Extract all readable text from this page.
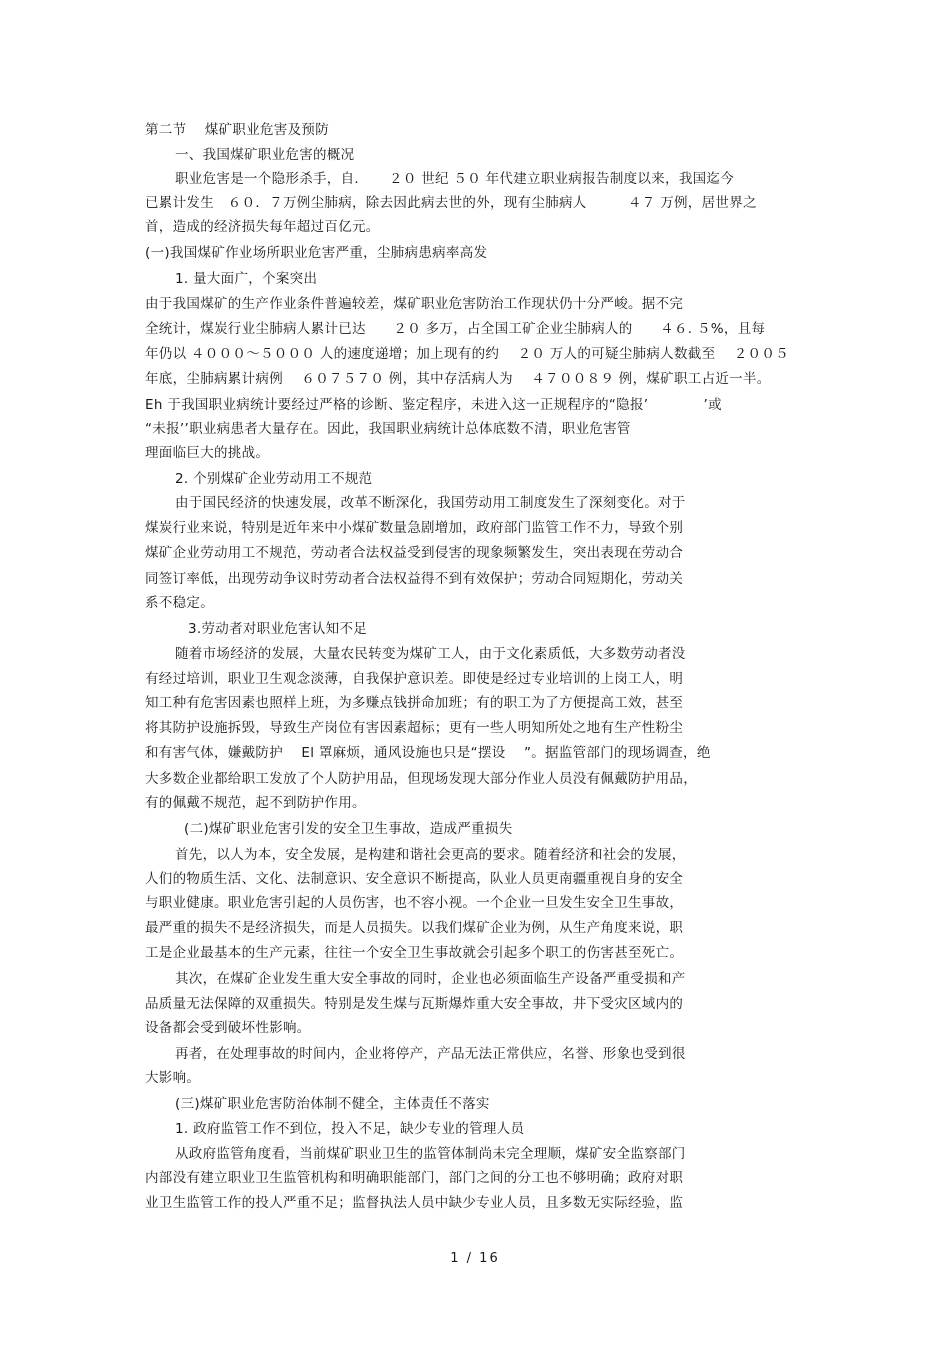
第二节　 煤矿职业危害及预防
一、我国煤矿职业危害的概况
职业危害是一个隐形杀手，自．　　２０ 世纪 ５０ 年代建立职业病报告制度以来，我国迄今
已累计发生　６０．７万例尘肺病，除去因此病去世的外，现有尘肺病人　　　４７ 万例，居世界之
首，造成的经济损失每年超过百亿元。
(一)我国煤矿作业场所职业危害严重，尘肺病患病率高发
1. 量大面广，个案突出
由于我国煤矿的生产作业条件普遍较差，煤矿职业危害防治工作现状仍十分严峻。据不完
全统计，煤炭行业尘肺病人累计已达　　２０ 多万，占全国工矿企业尘肺病人的　　４６. ５%，且每
年仍以 ４０００～５０００ 人的速度递增；加上现有的约　 ２０ 万人的可疑尘肺病人数截至　 ２００５
年底，尘肺病累计病例　 ６０７５７０ 例，其中存活病人为　 ４７００８９ 例，煤矿职工占近一半。
Eh 于我国职业病统计要经过严格的诊断、鉴定程序，未进入这一正规程序的“隐报’　　　　’或
“未报’’职业病患者大量存在。因此，我国职业病统计总体底数不清，职业危害管
理面临巨大的挑战。
2. 个别煤矿企业劳动用工不规范
由于国民经济的快速发展，改革不断深化，我国劳动用工制度发生了深刻变化。对于
煤炭行业来说，特别是近年来中小煤矿数量急剧增加，政府部门监管工作不力，导致个别
煤矿企业劳动用工不规范，劳动者合法权益受到侵害的现象频繁发生，突出表现在劳动合
同签订率低，出现劳动争议时劳动者合法权益得不到有效保护；劳动合同短期化，劳动关
系不稳定。
3.劳动者对职业危害认知不足
随着市场经济的发展，大量农民转变为煤矿工人，由于文化素质低，大多数劳动者没
有经过培训，职业卫生观念淡薄，自我保护意识差。即使是经过专业培训的上岗工人，明
知工种有危害因素也照样上班，为多赚点钱拼命加班；有的职工为了方便提高工效，甚至
将其防护设施拆毁，导致生产岗位有害因素超标；更有一些人明知所处之地有生产性粉尘
和有害气体，嫌戴防护　 El 罩麻烦，通风设施也只是“摆设　 ”。据监管部门的现场调查，绝
大多数企业都给职工发放了个人防护用品，但现场发现大部分作业人员没有佩戴防护用品，
有的佩戴不规范，起不到防护作用。
(二)煤矿职业危害引发的安全卫生事故，造成严重损失
首先，以人为本，安全发展，是构建和谐社会更高的要求。随着经济和社会的发展，
人们的物质生活、文化、法制意识、安全意识不断提高，队业人员更南疆重视自身的安全
与职业健康。职业危害引起的人员伤害，也不容小视。一个企业一旦发生安全卫生事故，
最严重的损失不是经济损失，而是人员损失。以我们煤矿企业为例，从生产角度来说，职
工是企业最基本的生产元素，往往一个安全卫生事故就会引起多个职工的伤害甚至死亡。
其次，在煤矿企业发生重大安全事故的同时，企业也必须面临生产设备严重受损和产
品质量无法保障的双重损失。特别是发生煤与瓦斯爆炸重大安全事故，井下受灾区域内的
设备都会受到破坏性影响。
再者，在处理事故的时间内，企业将停产，产品无法正常供应，名誉、形象也受到很
大影响。
(三)煤矿职业危害防治体制不健全，主体责任不落实
1. 政府监管工作不到位，投入不足，缺少专业的管理人员
从政府监管角度看，当前煤矿职业卫生的监管体制尚未完全理顺，煤矿安全监察部门
内部没有建立职业卫生监管机构和明确职能部门，部门之间的分工也不够明确；政府对职
业卫生监管工作的投人严重不足；监督执法人员中缺少专业人员，且多数无实际经验，监
1 / 16
